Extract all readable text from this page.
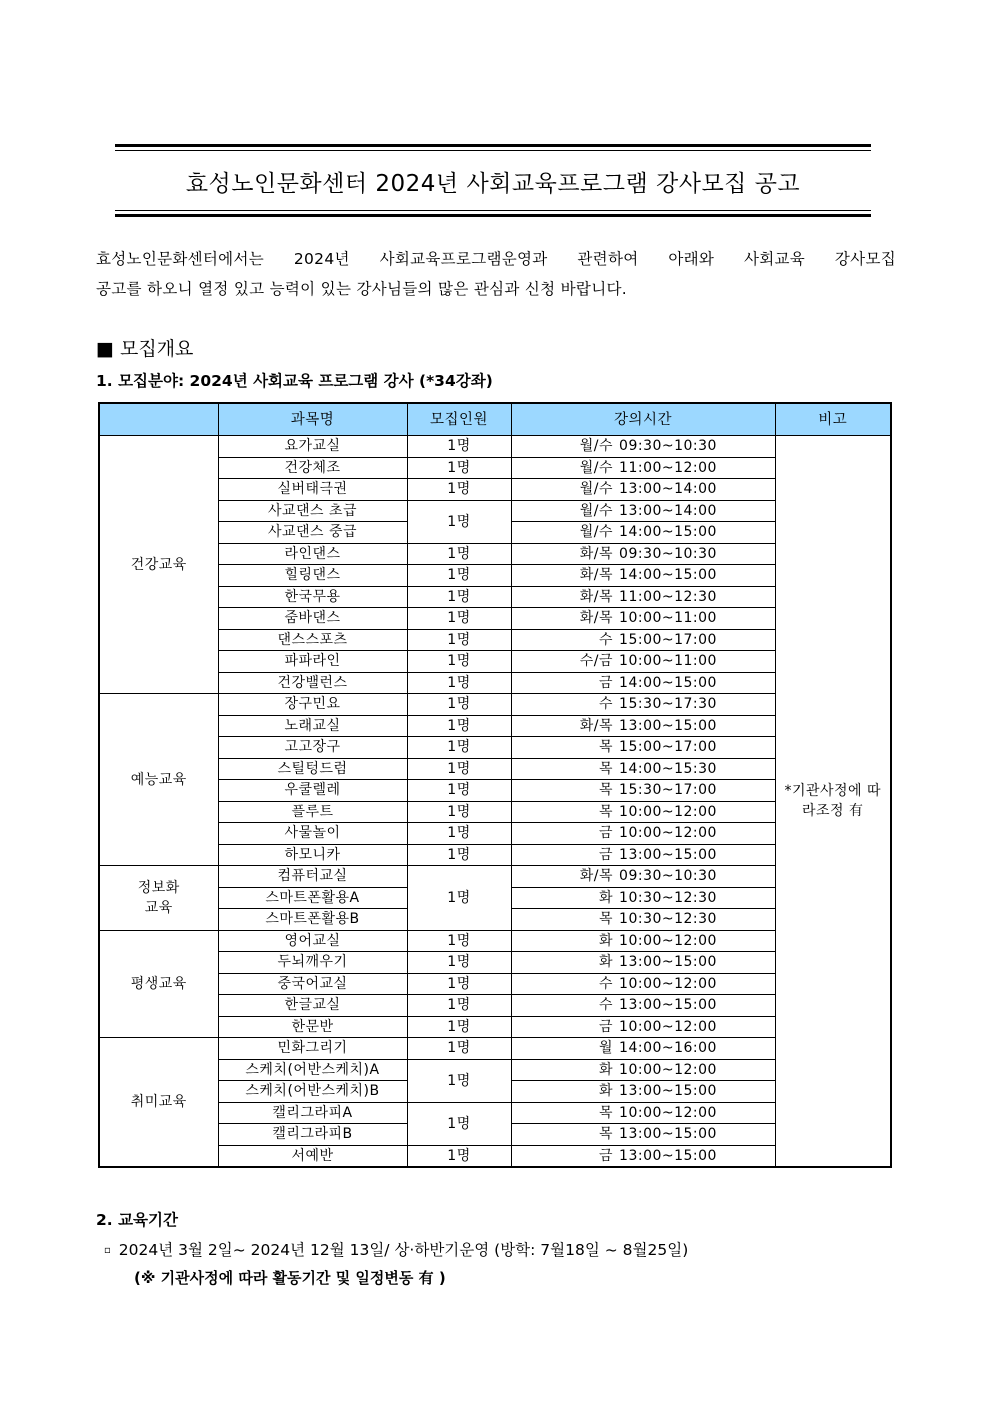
효성노인문화센터 2024년 사회교육프로그램 강사모집 공고
효성노인문화센터에서는 2024년 사회교육프로그램운영과 관련하여 아래와 사회교육 강사모집
공고를 하오니 열정 있고 능력이 있는 강사님들의 많은 관심과 신청 바랍니다.
■ 모집개요
1. 모집분야: 2024년 사회교육 프로그램 강사 (*34강좌)
	과목명	모집인원	강의시간	비고
건강교육	요가교실	1명	월/수 09:30~10:30	*기관사정에 따라조정 有
	건강체조	1명	월/수 11:00~12:00	
	실버태극권	1명	월/수 13:00~14:00	
	사교댄스 초급	1명	월/수 13:00~14:00	
	사교댄스 중급		월/수 14:00~15:00	
	라인댄스	1명	화/목 09:30~10:30	
	힐링댄스	1명	화/목 14:00~15:00	
	한국무용	1명	화/목 11:00~12:30	
	줌바댄스	1명	화/목 10:00~11:00	
	댄스스포츠	1명	수 15:00~17:00	
	파파라인	1명	수/금 10:00~11:00	
	건강밸런스	1명	금 14:00~15:00	
예능교육	장구민요	1명	수 15:30~17:30	
	노래교실	1명	화/목 13:00~15:00	
	고고장구	1명	목 15:00~17:00	
	스틸텅드럼	1명	목 14:00~15:30	
	우쿨렐레	1명	목 15:30~17:00	
	플루트	1명	목 10:00~12:00	
	사물놀이	1명	금 10:00~12:00	
	하모니카	1명	금 13:00~15:00	
정보화 교육	컴퓨터교실	1명	화/목 09:30~10:30	
	스마트폰활용A		화 10:30~12:30	
	스마트폰활용B		목 10:30~12:30	
평생교육	영어교실	1명	화 10:00~12:00	
	두뇌깨우기	1명	화 13:00~15:00	
	중국어교실	1명	수 10:00~12:00	
	한글교실	1명	수 13:00~15:00	
	한문반	1명	금 10:00~12:00	
취미교육	민화그리기	1명	월 14:00~16:00	
	스케치(어반스케치)A	1명	화 10:00~12:00	
	스케치(어반스케치)B		화 13:00~15:00	
	캘리그라피A	1명	목 10:00~12:00	
	캘리그라피B		목 13:00~15:00	
	서예반	1명	금 13:00~15:00	
2. 교육기간
▫ 2024년 3월 2일~ 2024년 12월 13일/ 상·하반기운영 (방학: 7월18일 ~ 8월25일)
(※ 기관사정에 따라 활동기간 및 일정변동 有 )
